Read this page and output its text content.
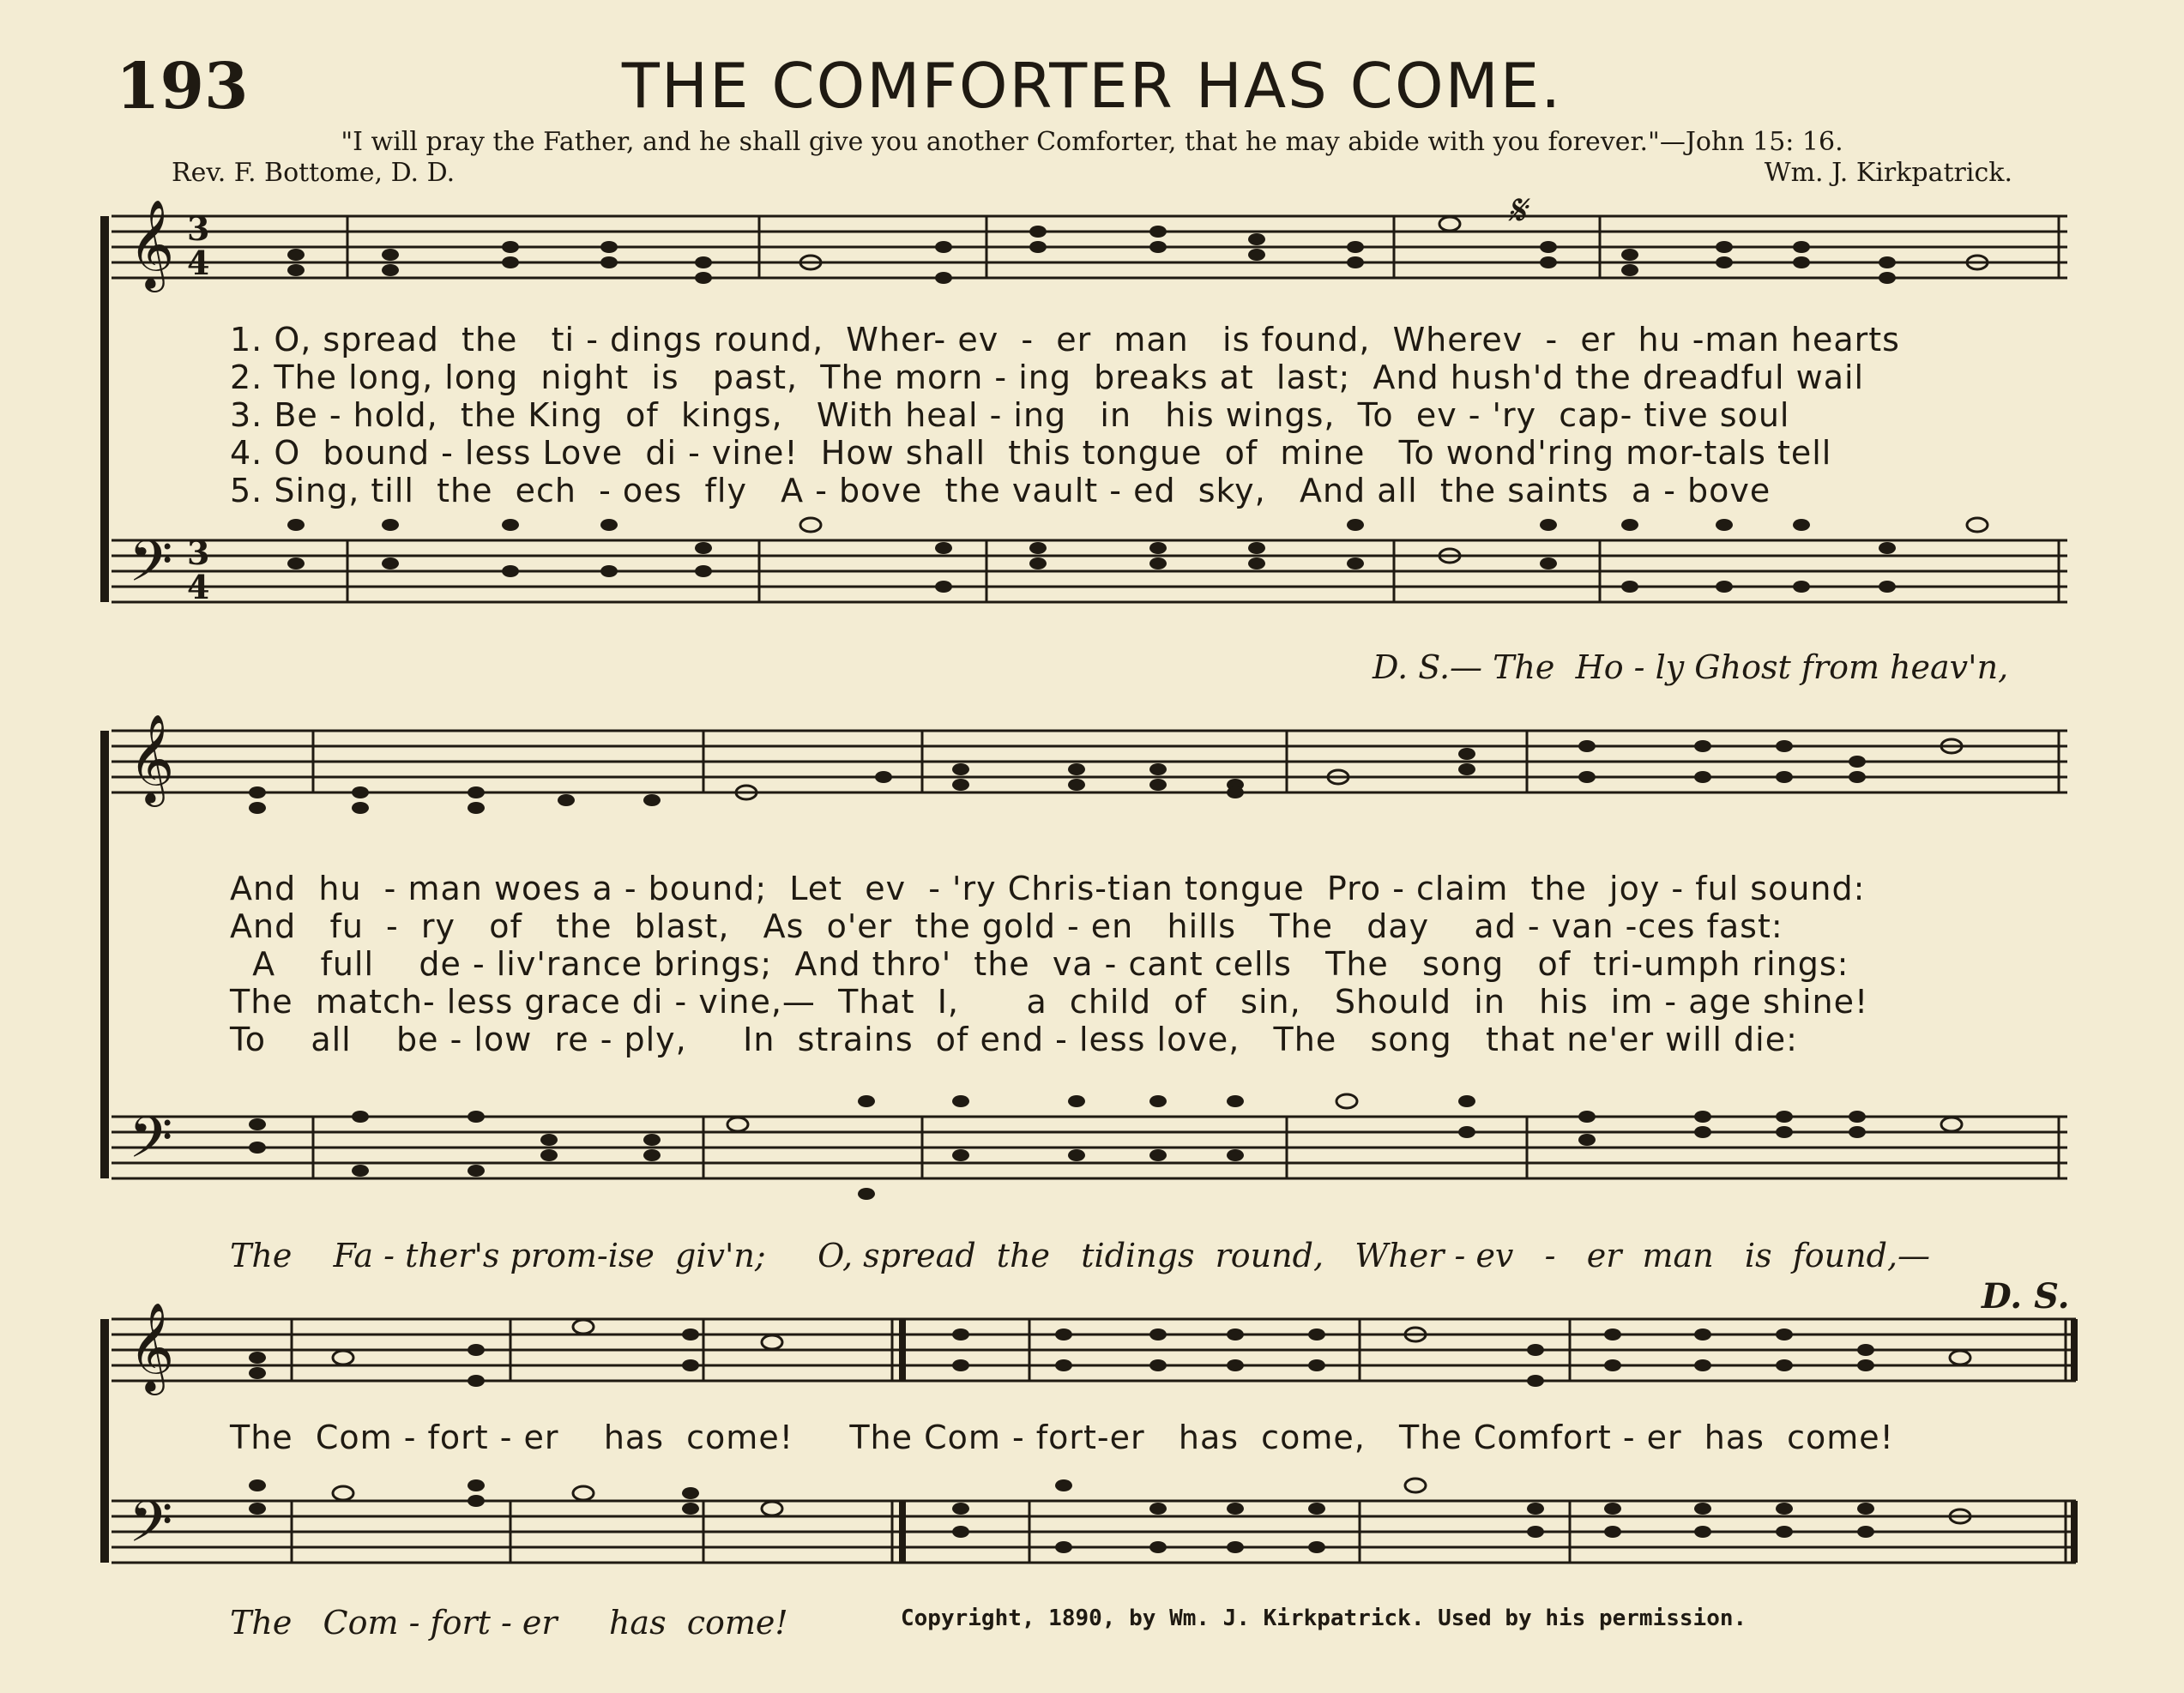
193	THE COMFORTER HAS COME.
"I will pray the Father, and he shall give you another Comforter, that he may abide with you forever."—John 15: 16.
Rev. F. Bottome, D. D.	Wm. J. Kirkpatrick.
𝄋
𝄞
𝄢
3
4
3
4
1. O, spread  the   ti - dings round,  Wher- ev  -  er  man   is found,  Wherev  -  er  hu -man hearts
2. The long, long  night  is   past,  The morn - ing  breaks at  last;  And hush'd the dreadful wail
3. Be - hold,  the King  of  kings,   With heal - ing   in   his wings,  To  ev - 'ry  cap- tive soul
4. O  bound - less Love  di - vine!  How shall  this tongue  of  mine   To wond'ring mor-tals tell
5. Sing, till  the  ech  - oes  fly   A - bove  the vault - ed  sky,   And all  the saints  a - bove
D. S.— The  Ho - ly Ghost from heav'n,
𝄞
𝄢
And  hu  - man woes a - bound;  Let  ev  - 'ry Chris-tian tongue  Pro - claim  the  joy - ful sound:
And   fu  -  ry   of   the  blast,   As  o'er  the gold - en   hills   The   day    ad - van -ces fast:
A    full    de - liv'rance brings;  And thro'  the  va - cant cells   The   song   of  tri-umph rings:
The  match- less grace di - vine,—  That  I,      a  child  of   sin,   Should  in   his  im - age shine!
To    all    be - low  re - ply,     In  strains  of end - less love,   The   song   that ne'er will die:
The    Fa - ther's prom-ise  giv'n;     O, spread  the   tidings  round,   Wher - ev   -   er  man   is  found,—
D. S.
𝄞
𝄢
The  Com - fort - er    has  come!     The Com - fort-er   has  come,   The Comfort - er  has  come!
The   Com - fort - er     has  come!	Copyright, 1890, by Wm. J. Kirkpatrick. Used by his permission.
